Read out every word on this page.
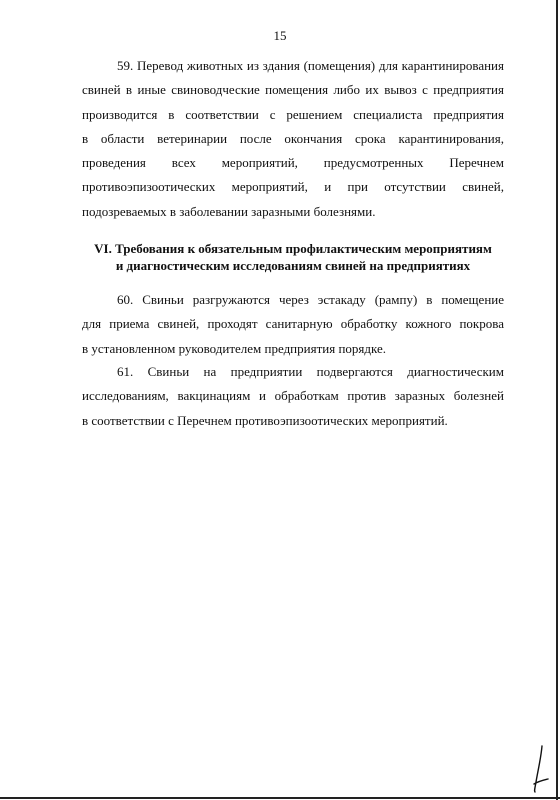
15
59. Перевод животных из здания (помещения) для карантинирования
свиней в иные свиноводческие помещения либо их вывоз с предприятия
производится в соответствии с решением специалиста предприятия
в области ветеринарии после окончания срока карантинирования,
проведения всех мероприятий, предусмотренных Перечнем
противоэпизоотических мероприятий, и при отсутствии свиней,
подозреваемых в заболевании заразными болезнями.
VI. Требования к обязательным профилактическим мероприятиям
и диагностическим исследованиям свиней на предприятиях
60. Свиньи разгружаются через эстакаду (рампу) в помещение
для приема свиней, проходят санитарную обработку кожного покрова
в установленном руководителем предприятия порядке.
61. Свиньи на предприятии подвергаются диагностическим
исследованиям, вакцинациям и обработкам против заразных болезней
в соответствии с Перечнем противоэпизоотических мероприятий.
